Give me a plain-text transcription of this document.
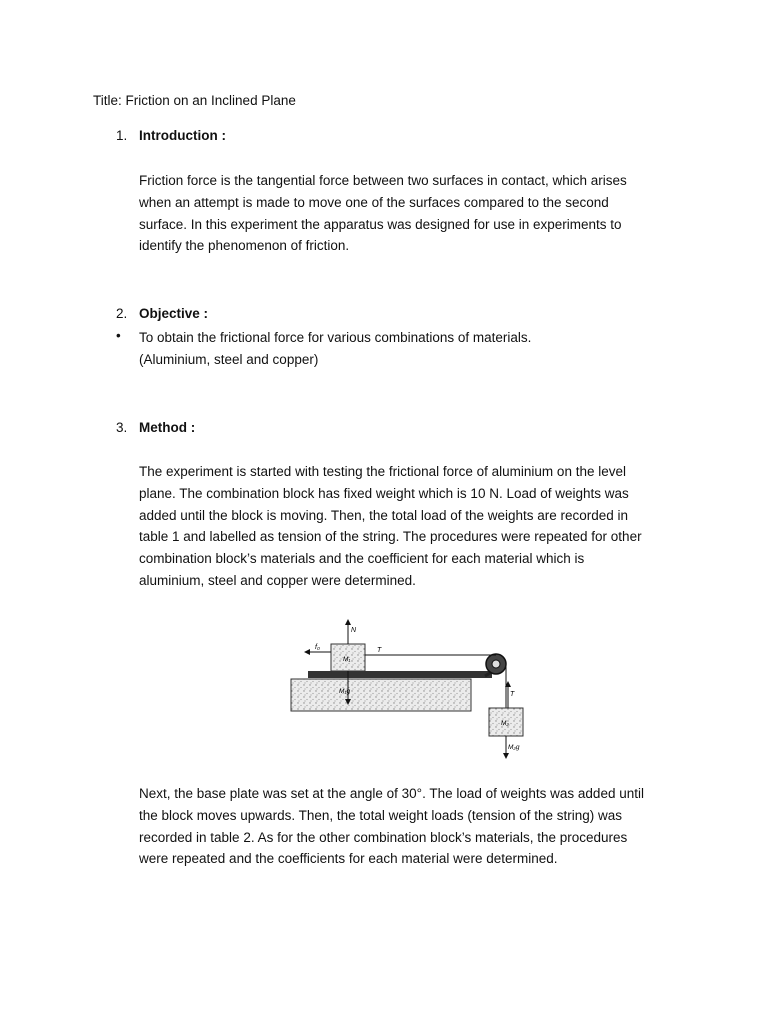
Title: Friction on an Inclined Plane
1. Introduction :
Friction force is the tangential force between two surfaces in contact, which arises
when an attempt is made to move one of the surfaces compared to the second
surface. In this experiment the apparatus was designed for use in experiments to
identify the phenomenon of friction.
2. Objective :
• To obtain the frictional force for various combinations of materials.
(Aluminium, steel and copper)
3. Method :
The experiment is started with testing the frictional force of aluminium on the level
plane. The combination block has fixed weight which is 10 N. Load of weights was
added until the block is moving. Then, the total load of the weights are recorded in
table 1 and labelled as tension of the string. The procedures were repeated for other
combination block’s materials and the coefficient for each material which is
aluminium, steel and copper were determined.
N
f₀	T
M₁
M₁g	T
M₂
M₂g
Next, the base plate was set at the angle of 30°. The load of weights was added until
the block moves upwards. Then, the total weight loads (tension of the string) was
recorded in table 2. As for the other combination block’s materials, the procedures
were repeated and the coefficients for each material were determined.
